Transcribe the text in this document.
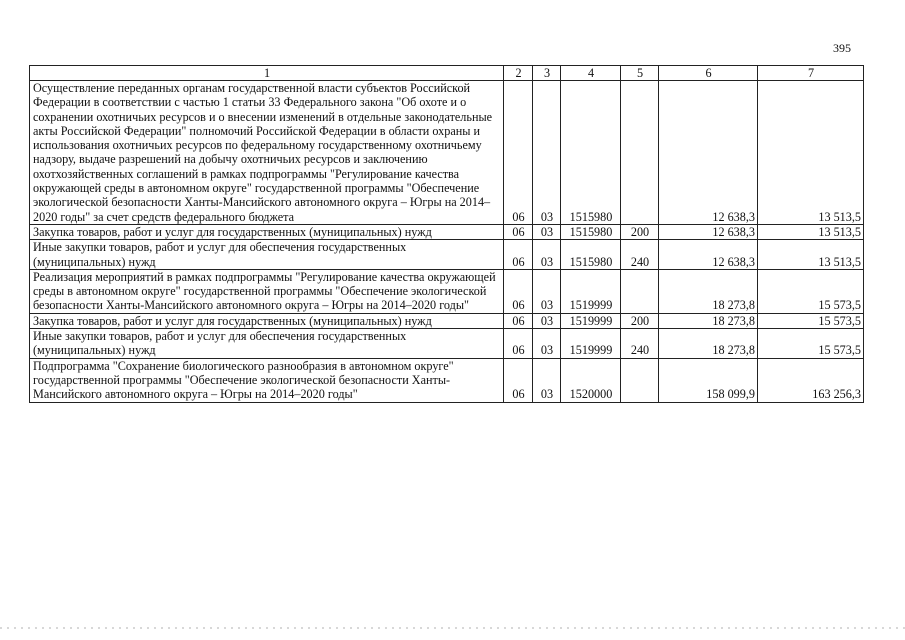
395
1	2	3	4	5	6	7
Осуществление переданных органам государственной власти субъектов Российской Федерации в соответствии с частью 1 статьи 33 Федерального закона "Об охоте и о сохранении охотничьих ресурсов и о внесении изменений в отдельные законодательные акты Российской Федерации" полномочий Российской Федерации в области охраны и использования охотничьих ресурсов по федеральному государственному охотничьему надзору, выдаче разрешений на добычу охотничьих ресурсов и заключению охотхозяйственных соглашений в рамках подпрограммы "Регулирование качества окружающей среды в автономном округе" государственной программы "Обеспечение экологической безопасности Ханты-Мансийского автономного округа – Югры на 2014–2020 годы" за счет средств федерального бюджета	06	03	1515980		12 638,3	13 513,5
Закупка товаров, работ и услуг для государственных (муниципальных) нужд	06	03	1515980	200	12 638,3	13 513,5
Иные закупки товаров, работ и услуг для обеспечения государственных (муниципальных) нужд	06	03	1515980	240	12 638,3	13 513,5
Реализация мероприятий в рамках подпрограммы "Регулирование качества окружающей среды в автономном округе" государственной программы "Обеспечение экологической безопасности Ханты-Мансийского автономного округа – Югры на 2014–2020 годы"	06	03	1519999		18 273,8	15 573,5
Закупка товаров, работ и услуг для государственных (муниципальных) нужд	06	03	1519999	200	18 273,8	15 573,5
Иные закупки товаров, работ и услуг для обеспечения государственных (муниципальных) нужд	06	03	1519999	240	18 273,8	15 573,5
Подпрограмма "Сохранение биологического разнообразия в автономном округе" государственной программы "Обеспечение экологической безопасности Ханты-Мансийского автономного округа – Югры на 2014–2020 годы"	06	03	1520000		158 099,9	163 256,3
